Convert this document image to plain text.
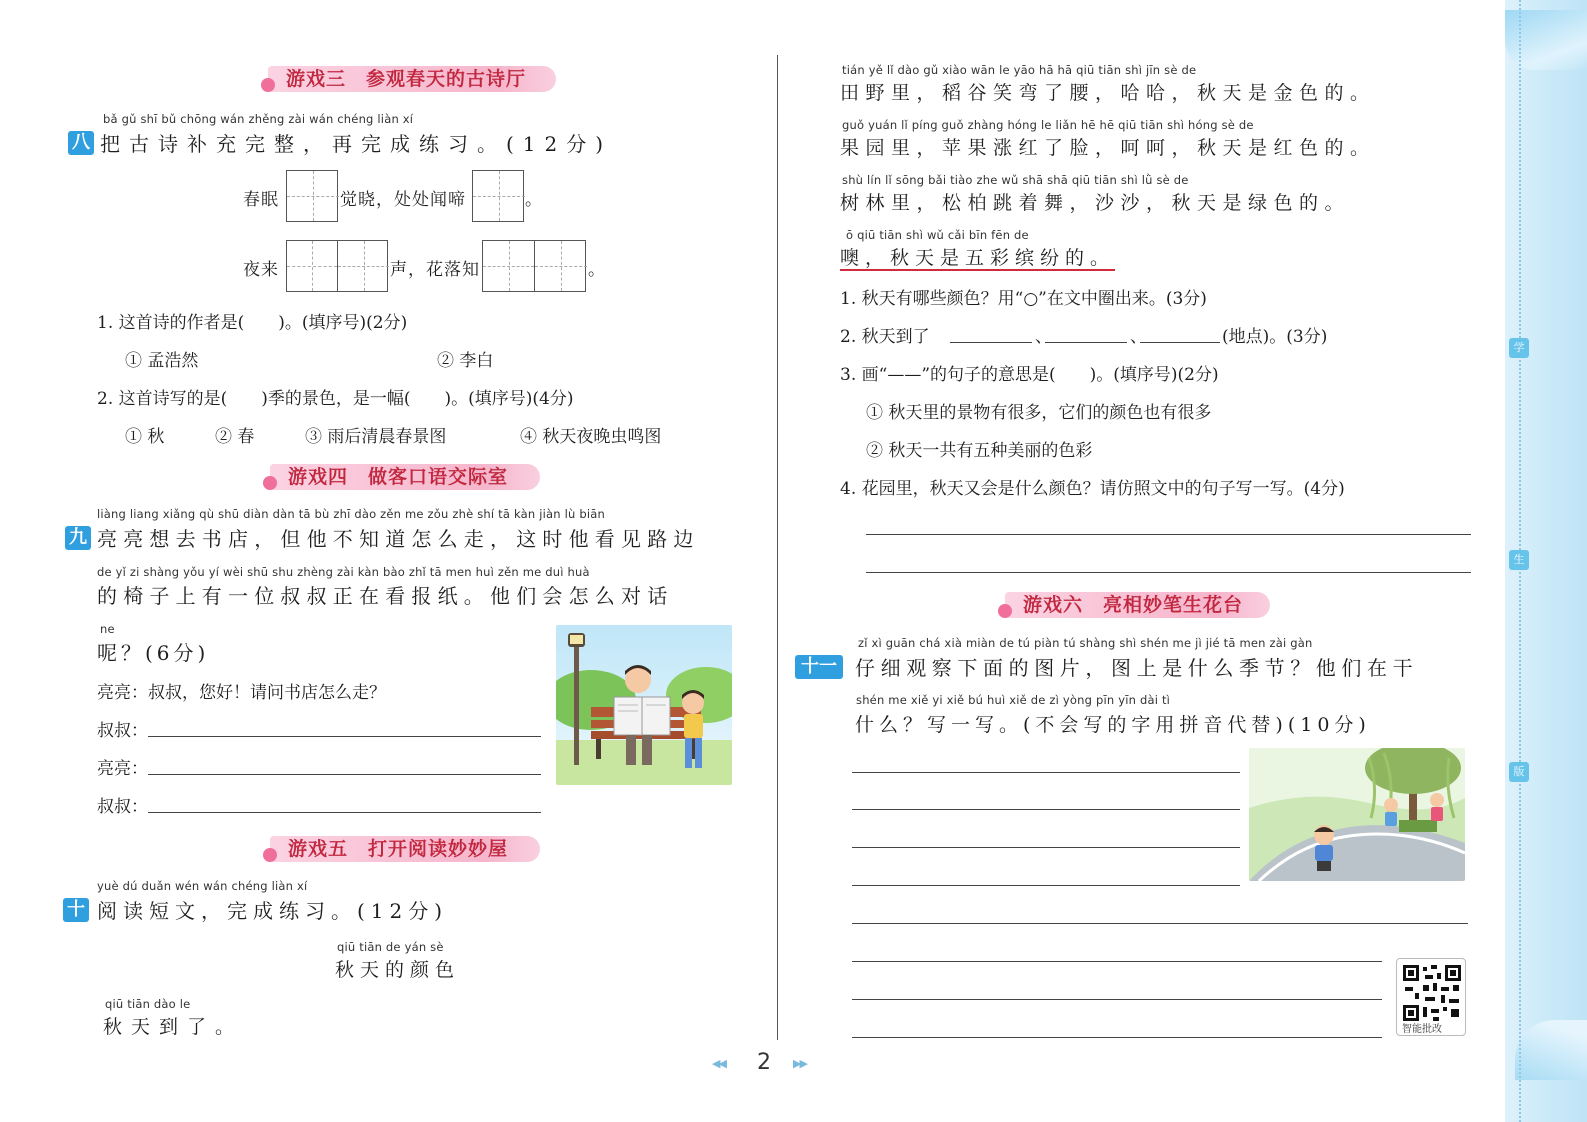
学
生
版
游戏三　参观春天的古诗厅
bǎ gǔ shī bǔ chōng wán zhěng zài wán chéng liàn xí
八 把古诗补充完整，再完成练习。(12分)
春眠	觉晓，处处闻啼	。
夜来	声，花落知	。
1. 这首诗的作者是(　　)。(填序号)(2分)
① 孟浩然	② 李白
2. 这首诗写的是(　　)季的景色，是一幅(　　)。(填序号)(4分)
① 秋	② 春	③ 雨后清晨春景图	④ 秋天夜晚虫鸣图
游戏四　做客口语交际室
liàng liang xiǎng qù shū diàn dàn tā bù zhī dào zěn me zǒu zhè shí tā kàn jiàn lù biān
九 亮亮想去书店，但他不知道怎么走，这时他看见路边
de yǐ zi shàng yǒu yí wèi shū shu zhèng zài kàn bào zhǐ tā men huì zěn me duì huà
的椅子上有一位叔叔正在看报纸。他们会怎么对话
ne
呢？(6分)
亮亮：叔叔，您好！请问书店怎么走？
叔叔：
亮亮：
叔叔：
游戏五　打开阅读妙妙屋
yuè dú duǎn wén wán chéng liàn xí
十 阅读短文，完成练习。(12分)
qiū tiān de yán sè
秋天的颜色
qiū tiān dào le
秋天到了。
tián yě lǐ dào gǔ xiào wān le yāo hā hā qiū tiān shì jīn sè de
田野里，稻谷笑弯了腰，哈哈，秋天是金色的。
guǒ yuán lǐ píng guǒ zhàng hóng le liǎn hē hē qiū tiān shì hóng sè de
果园里，苹果涨红了脸，呵呵，秋天是红色的。
shù lín lǐ sōng bǎi tiào zhe wǔ shā shā qiū tiān shì lǜ sè de
树林里，松柏跳着舞，沙沙，秋天是绿色的。
ō qiū tiān shì wǔ cǎi bīn fēn de
噢，秋天是五彩缤纷的。
1. 秋天有哪些颜色？用“○”在文中圈出来。(3分)
2. 秋天到了	、	、	(地点)。(3分)
3. 画“——”的句子的意思是(　　)。(填序号)(2分)
① 秋天里的景物有很多，它们的颜色也有很多
② 秋天一共有五种美丽的色彩
4. 花园里，秋天又会是什么颜色？请仿照文中的句子写一写。(4分)
游戏六　亮相妙笔生花台
zǐ xì guān chá xià miàn de tú piàn tú shàng shì shén me jì jié tā men zài gàn
十一 仔细观察下面的图片，图上是什么季节？他们在干
shén me xiě yi xiě bú huì xiě de zì yòng pīn yīn dài tì
什么？写一写。(不会写的字用拼音代替)(10分)
智能批改
◀◀ 2 ▶▶
